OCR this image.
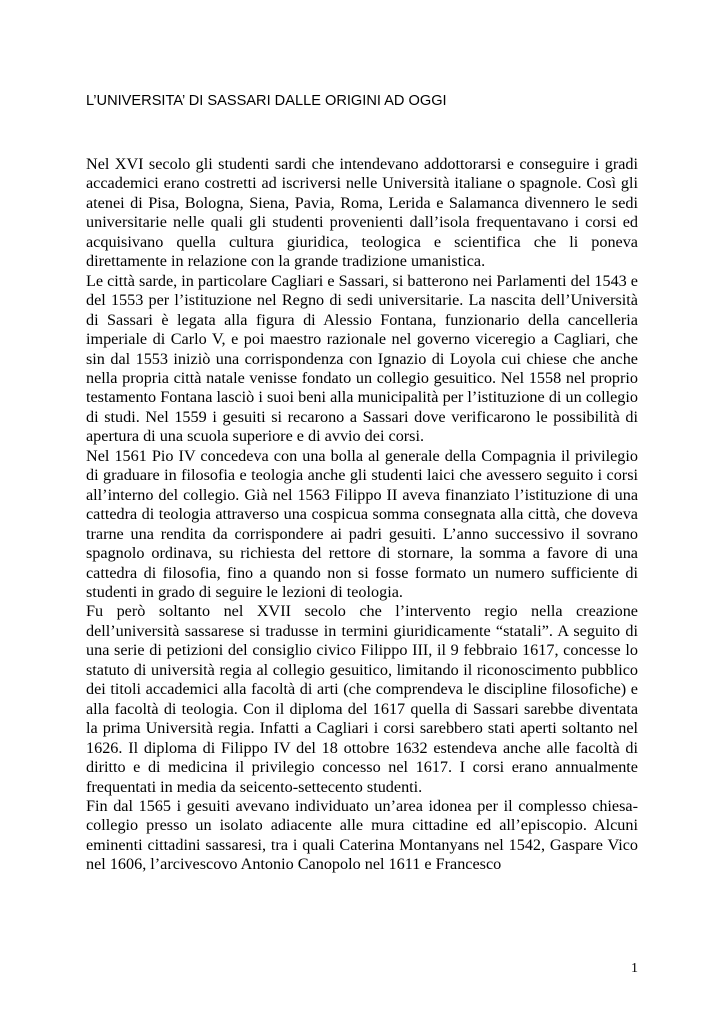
L’UNIVERSITA’ DI SASSARI DALLE ORIGINI AD OGGI

Nel XVI secolo gli studenti sardi che intendevano addottorarsi e conseguire i gradi accademici erano costretti ad iscriversi nelle Università italiane o spagnole. Così gli atenei di Pisa, Bologna, Siena, Pavia, Roma, Lerida e Salamanca divennero le sedi universitarie nelle quali gli studenti provenienti dall’isola frequentavano i corsi ed acquisivano quella cultura giuridica, teologica e scientifica che li poneva direttamente in relazione con la grande tradizione umanistica.

Le città sarde, in particolare Cagliari e Sassari, si batterono nei Parlamenti del 1543 e del 1553 per l’istituzione nel Regno di sedi universitarie. La nascita dell’Università di Sassari è legata alla figura di Alessio Fontana, funzionario della cancelleria imperiale di Carlo V, e poi maestro razionale nel governo viceregio a Cagliari, che sin dal 1553 iniziò una corrispondenza con Ignazio di Loyola cui chiese che anche nella propria città natale venisse fondato un collegio gesuitico. Nel 1558 nel proprio testamento Fontana lasciò i suoi beni alla municipalità per l’istituzione di un collegio di studi. Nel 1559 i gesuiti si recarono a Sassari dove verificarono le possibilità di apertura di una scuola superiore e di avvio dei corsi.

Nel 1561 Pio IV concedeva con una bolla al generale della Compagnia il privilegio di graduare in filosofia e teologia anche gli studenti laici che avessero seguito i corsi all’interno del collegio. Già nel 1563 Filippo II aveva finanziato l’istituzione di una cattedra di teologia attraverso una cospicua somma consegnata alla città, che doveva trarne una rendita da corrispondere ai padri gesuiti. L’anno successivo il sovrano spagnolo ordinava, su richiesta del rettore di stornare, la somma a favore di una cattedra di filosofia, fino a quando non si fosse formato un numero sufficiente di studenti in grado di seguire le lezioni di teologia.

Fu però soltanto nel XVII secolo che l’intervento regio nella creazione dell’università sassarese si tradusse in termini giuridicamente “statali”. A seguito di una serie di petizioni del consiglio civico Filippo III, il 9 febbraio 1617, concesse lo statuto di università regia al collegio gesuitico, limitando il riconoscimento pubblico dei titoli accademici alla facoltà di arti (che comprendeva le discipline filosofiche) e alla facoltà di teologia. Con il diploma del 1617 quella di Sassari sarebbe diventata la prima Università regia. Infatti a Cagliari i corsi sarebbero stati aperti soltanto nel 1626. Il diploma di Filippo IV del 18 ottobre 1632 estendeva anche alle facoltà di diritto e di medicina il privilegio concesso nel 1617. I corsi erano annualmente frequentati in media da seicento-settecento studenti.

Fin dal 1565 i gesuiti avevano individuato un’area idonea per il complesso chiesa-collegio presso un isolato adiacente alle mura cittadine ed all’episcopio. Alcuni eminenti cittadini sassaresi, tra i quali Caterina Montanyans nel 1542, Gaspare Vico nel 1606, l’arcivescovo Antonio Canopolo nel 1611 e Francesco

1
